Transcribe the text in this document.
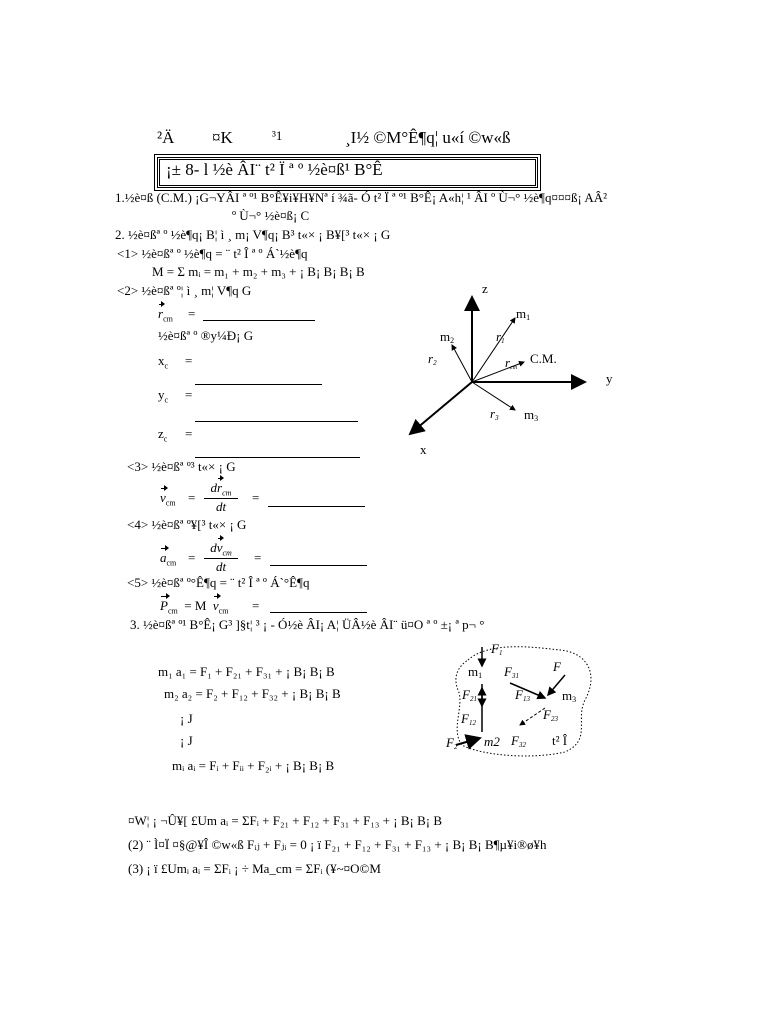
²Ä ¤K	³1	¸I½ ©M°Ê¶q¦ u«í ©w«ß
¡± 8- l ½è ÂI¨ t² Ï ª º ½è¤ß¹ B°Ê
1.½è¤ß (C.M.) ¡G¬YÂI ª º¹ B°Ê¥i¥H¥Nª í ¾ã- Ó t² Ï ª º¹ B°Ê¡ A«h¦ ¹ ÂI º Ù¬° ½è¶q¤¤¤ß¡ AÂ²
º Ù¬° ½è¤ß¡ C
2. ½è¤ßª º ½è¶q¡ B¦ ì ¸ m¡ V¶q¡ B³ t«× ¡ B¥[³ t«× ¡ G
<1> ½è¤ßª º ½è¶q = ¨ t² Î ª º Á`½è¶q
M = Σ mᵢ = m₁ + m₂ + m₃ + ¡ B¡ B¡ B¡ B
<2> ½è¤ßª º¦ ì ¸ m¦ V¶q G
$r_{cm}$ =
½è¤ßª º ®y¼Ð¡ G
$x_c$ =
$y_c$ =
$z_c$ =
<3> ½è¤ßª º³ t«× ¡ G
$v_{cm}$ =
$dr_{cm}$
dt
=
<4> ½è¤ßª º¥[³ t«× ¡ G
$a_{cm}$ =
$dv_{cm}$
dt
=
<5> ½è¤ßª º°Ê¶q = ¨ t² Î ª º Á`°Ê¶q
$P_{cm} = M$ $v_{cm}$ =
3. ½è¤ßª º¹ B°Ê¡ G³ ]§t¦ ³ ¡ - Ó½è ÂI¡ A¦ ÜÂ½è ÂI¨ ü¤O ª º ±¡ ª p¬ °
m₁ a₁ = F₁ + F₂₁ + F₃₁ + ¡ B¡ B¡ B
m₂ a₂ = F₂ + F₁₂ + F₃₂ + ¡ B¡ B¡ B
¡ J
¡ J
mᵢ aᵢ = Fᵢ + Fᵢᵢ + F₂ᵢ + ¡ B¡ B¡ B
¤W¦ ¡ ¬Û¥[ £Um aᵢ = ΣFᵢ + F₂₁ + F₁₂ + F₃₁ + F₁₃ + ¡ B¡ B¡ B
(2) ¨ Ì¤Ï ¤§@¥Î ©w«ß Fᵢⱼ + Fⱼᵢ = 0 ¡ ï F₂₁ + F₁₂ + F₃₁ + F₁₃ + ¡ B¡ B¡ B¶µ¥i®ø¥h
(3) ¡ ï £Umᵢ aᵢ = ΣFᵢ ¡ ÷ Ma_cm = ΣFᵢ (¥~¤O©M
z
y
x
m1
m2
m3
C.M.
r1
r2
r3
rcm
m1
m2
m3
t² Î
F1
F31
F
F21	F13
F12
F23
F2	F32
